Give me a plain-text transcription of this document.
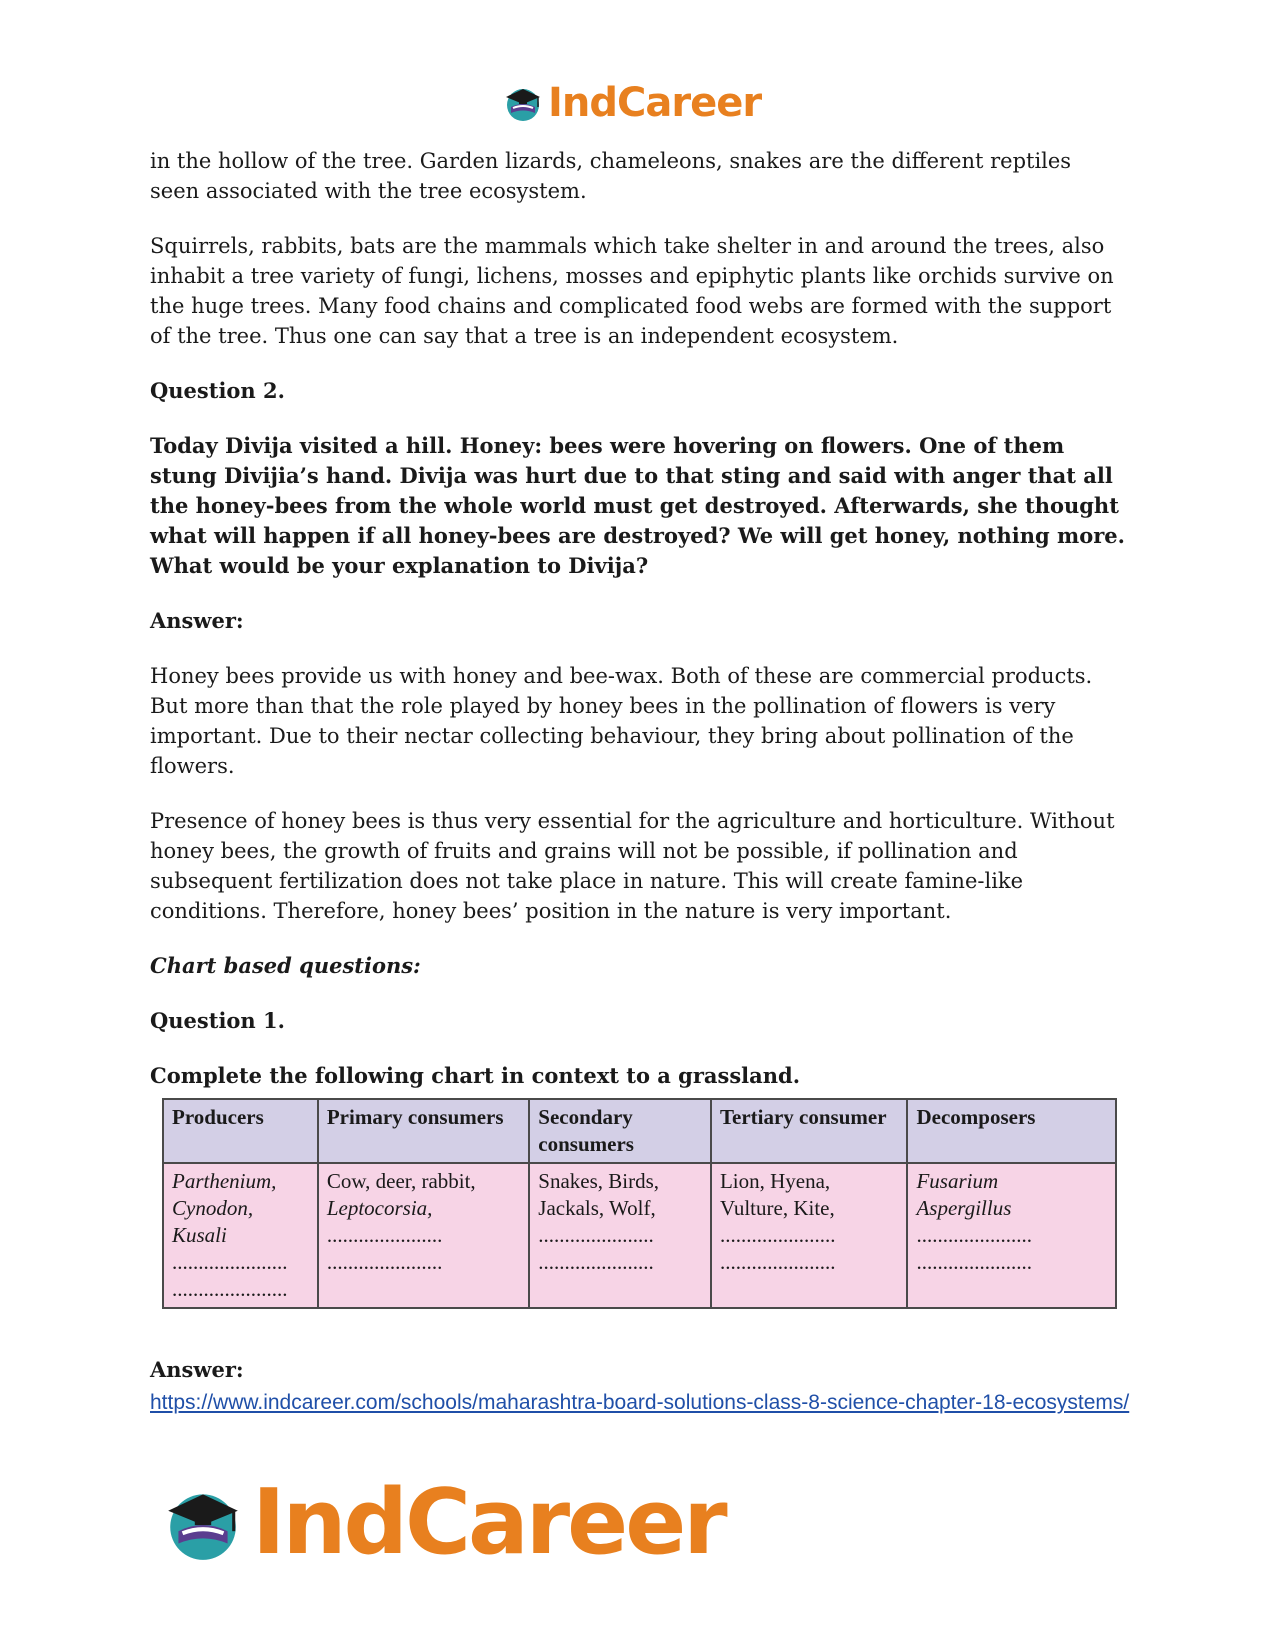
IndCareer

in the hollow of the tree. Garden lizards, chameleons, snakes are the different reptiles seen associated with the tree ecosystem.

Squirrels, rabbits, bats are the mammals which take shelter in and around the trees, also inhabit a tree variety of fungi, lichens, mosses and epiphytic plants like orchids survive on the huge trees. Many food chains and complicated food webs are formed with the support of the tree. Thus one can say that a tree is an independent ecosystem.

Question 2.

Today Divija visited a hill. Honey: bees were hovering on flowers. One of them stung Divijia’s hand. Divija was hurt due to that sting and said with anger that all the honey-bees from the whole world must get destroyed. Afterwards, she thought what will happen if all honey-bees are destroyed? We will get honey, nothing more. What would be your explanation to Divija?

Answer:

Honey bees provide us with honey and bee-wax. Both of these are commercial products. But more than that the role played by honey bees in the pollination of flowers is very important. Due to their nectar collecting behaviour, they bring about pollination of the flowers.

Presence of honey bees is thus very essential for the agriculture and horticulture. Without honey bees, the growth of fruits and grains will not be possible, if pollination and subsequent fertilization does not take place in nature. This will create famine-like conditions. Therefore, honey bees’ position in the nature is very important.

Chart based questions:

Question 1.

Complete the following chart in context to a grassland.

Producers	Primary consumers	Secondary consumers	Tertiary consumer	Decomposers

Parthenium,
Cynodon,
Kusali
......................
......................	Cow, deer, rabbit,
Leptocorsia,
......................
......................	Snakes, Birds,
Jackals, Wolf,
......................
......................	Lion, Hyena,
Vulture, Kite,
......................
......................	Fusarium
Aspergillus
......................
......................
Answer:
https://www.indcareer.com/schools/maharashtra-board-solutions-class-8-science-chapter-18-ecosystems/
IndCareer
